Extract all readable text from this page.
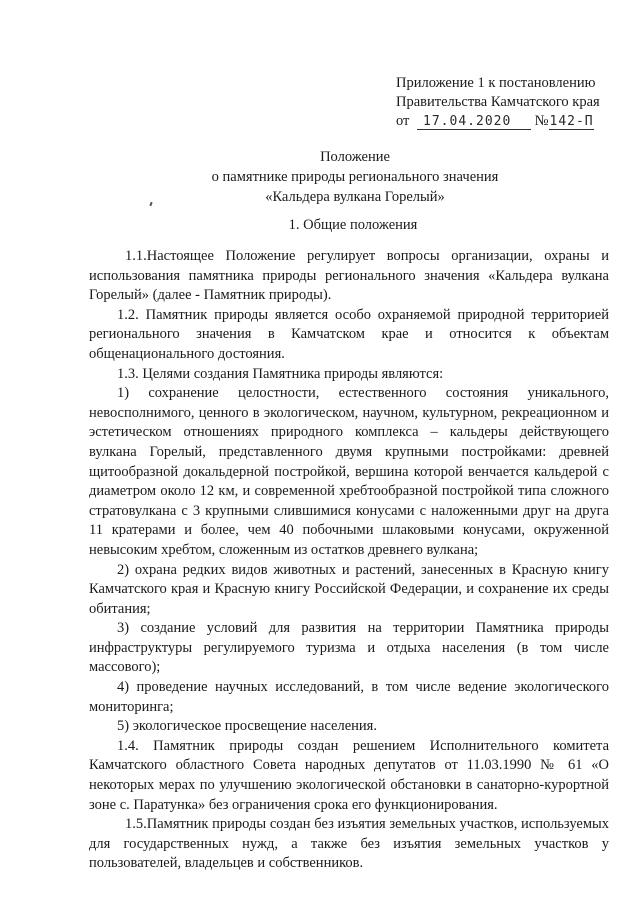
Приложение 1 к постановлению
Правительства Камчатского края
от 17.04.2020 №142-П
Положение
о памятнике природы регионального значения
«Кальдера вулкана Горелый»
1. Общие положения

1.1.Настоящее Положение регулирует вопросы организации, охраны и использования памятника природы регионального значения «Кальдера вулкана Горелый» (далее - Памятник природы).

1.2. Памятник природы является особо охраняемой природной территорией регионального значения в Камчатском крае и относится к объектам общенационального достояния.

1.3. Целями создания Памятника природы являются:

1) сохранение целостности, естественного состояния уникального, невосполнимого, ценного в экологическом, научном, культурном, рекреационном и эстетическом отношениях природного комплекса – кальдеры действующего вулкана Горелый, представленного двумя крупными постройками: древней щитообразной докальдерной постройкой, вершина которой венчается кальдерой с диаметром около 12 км, и современной хребтообразной постройкой типа сложного стратовулкана с 3 крупными слившимися конусами с наложенными друг на друга 11 кратерами и более, чем 40 побочными шлаковыми конусами, окруженной невысоким хребтом, сложенным из остатков древнего вулкана;

2) охрана редких видов животных и растений, занесенных в Красную книгу Камчатского края и Красную книгу Российской Федерации, и сохранение их среды обитания;

3) создание условий для развития на территории Памятника природы инфраструктуры регулируемого туризма и отдыха населения (в том числе массового);

4) проведение научных исследований, в том числе ведение экологического мониторинга;

5) экологическое просвещение населения.

1.4. Памятник природы создан решением Исполнительного комитета Камчатского областного Совета народных депутатов от 11.03.1990 № 61 «О некоторых мерах по улучшению экологической обстановки в санаторно-курортной зоне с. Паратунка» без ограничения срока его функционирования.

1.5.Памятник природы создан без изъятия земельных участков, используемых для государственных нужд, а также без изъятия земельных участков у пользователей, владельцев и собственников.
